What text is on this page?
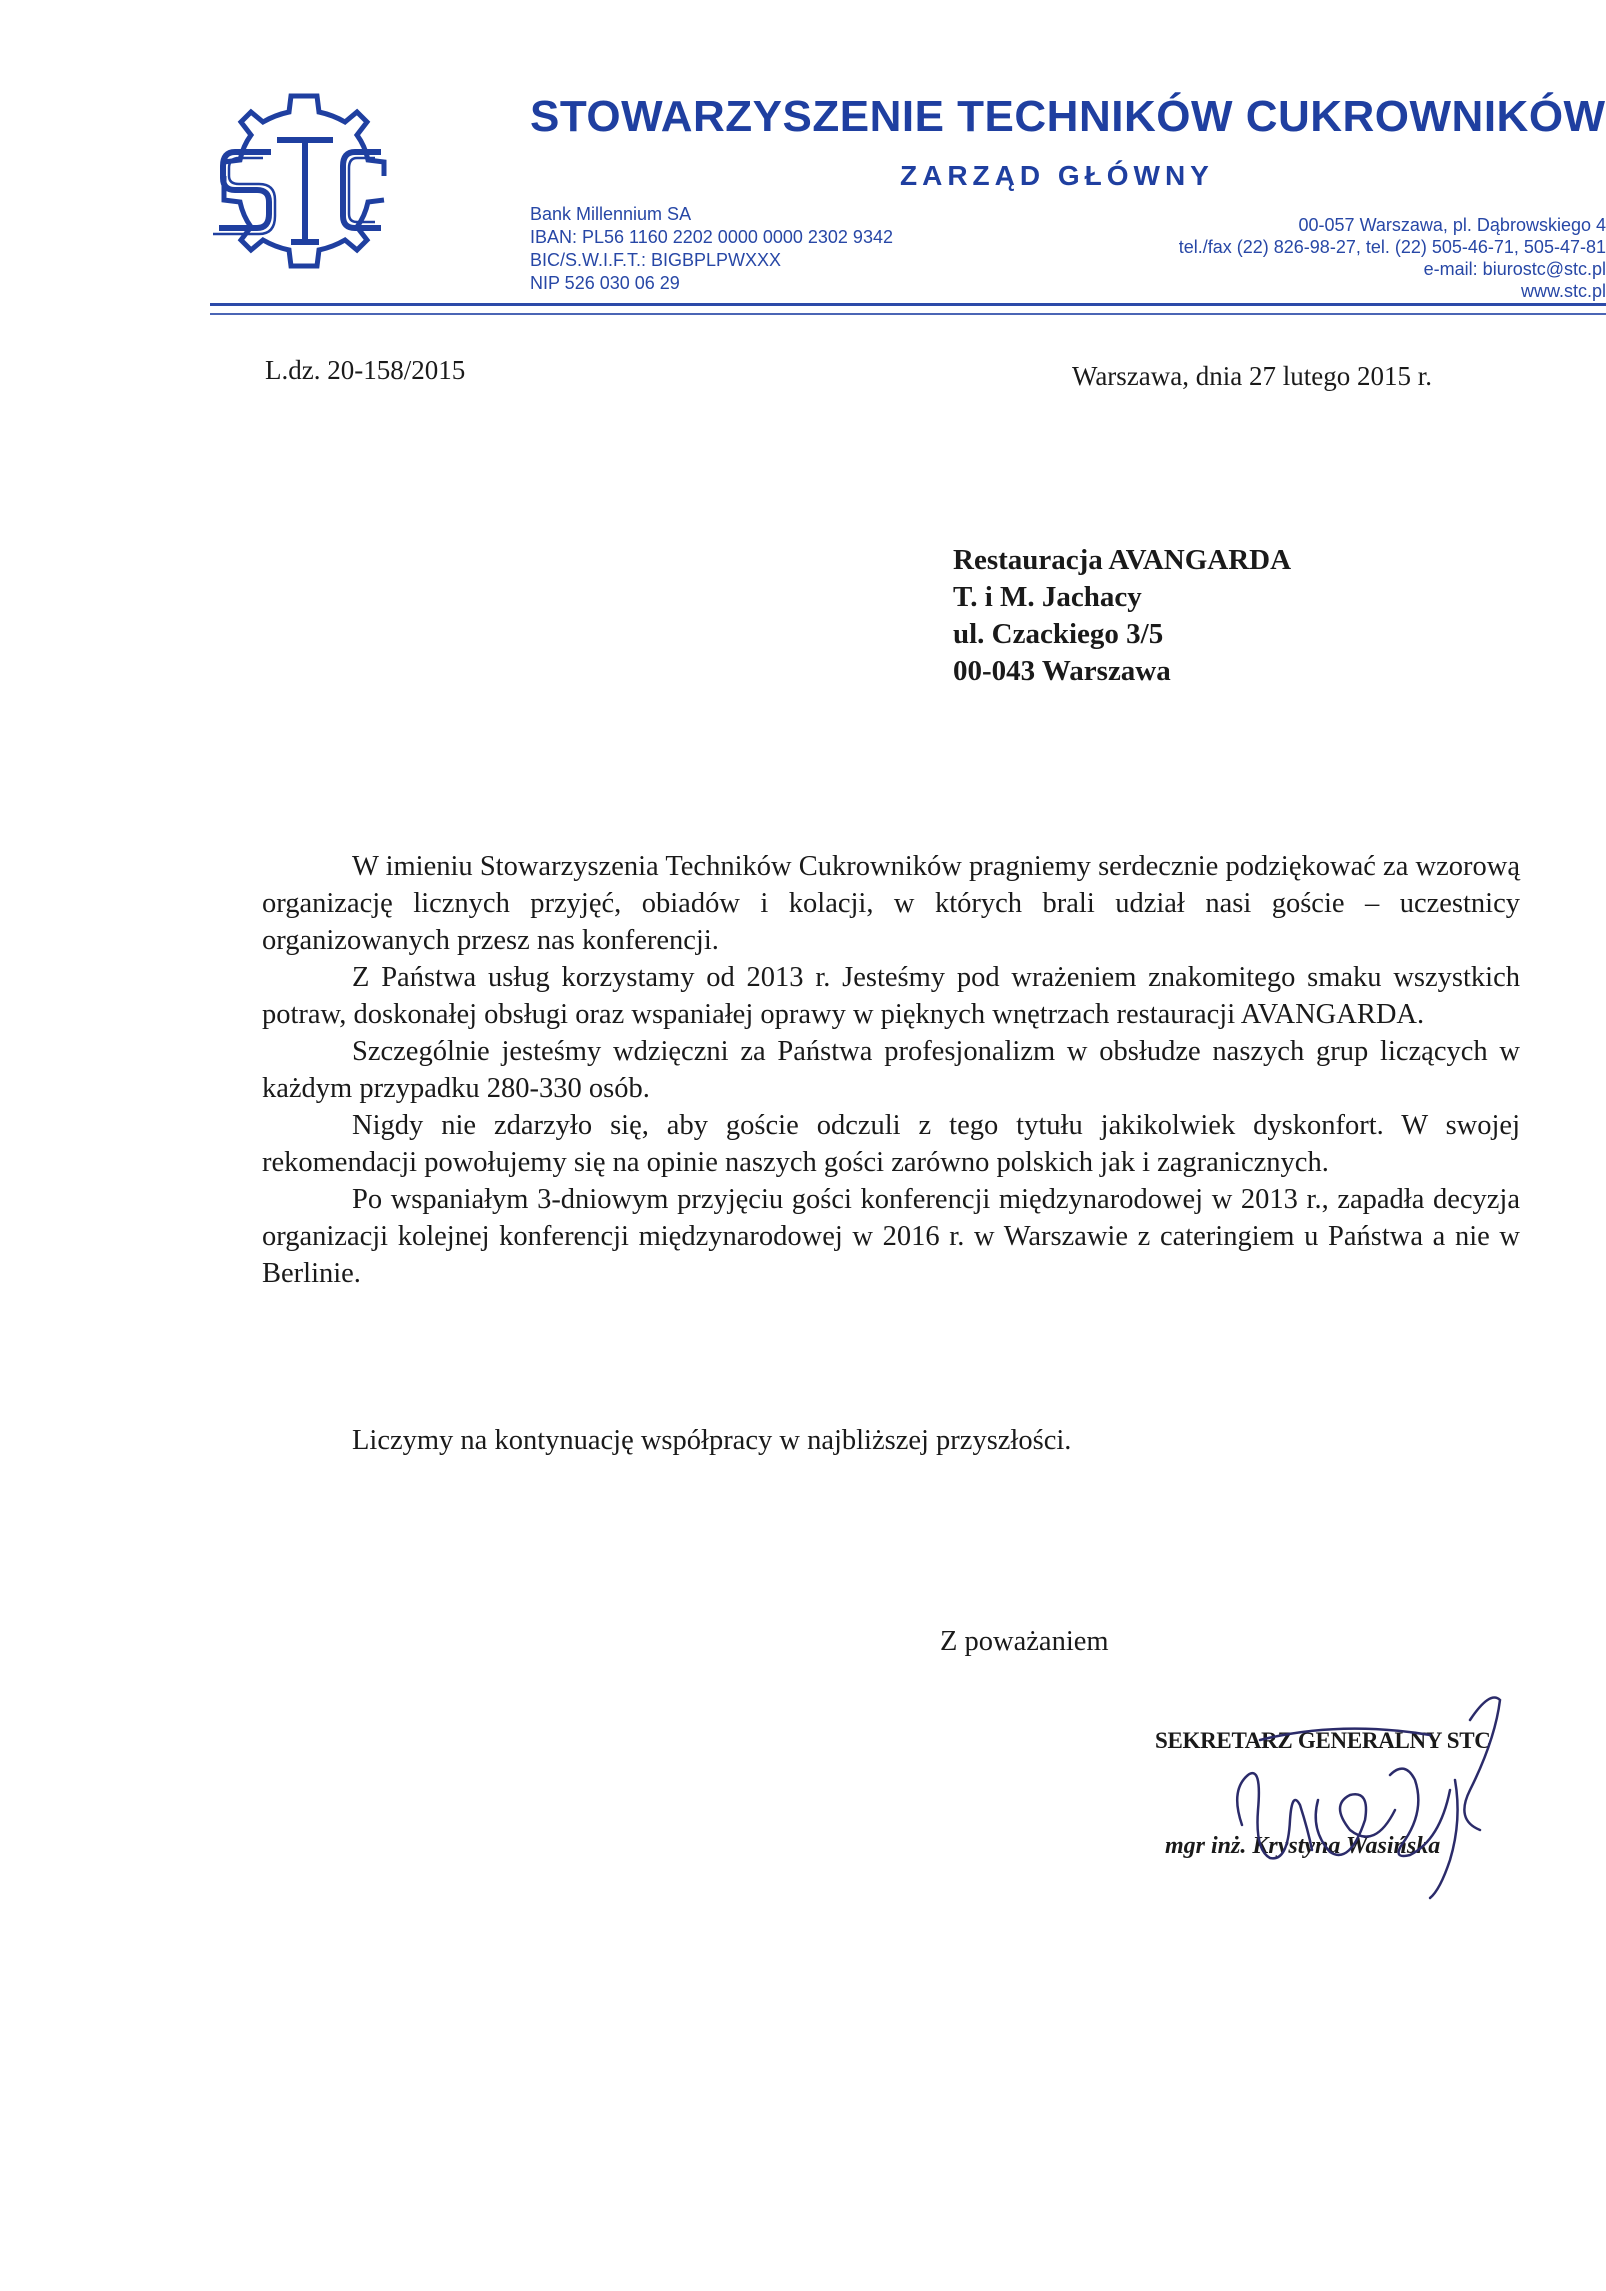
STOWARZYSZENIE TECHNIKÓW CUKROWNIKÓW
ZARZĄD GŁÓWNY
Bank Millennium SA
IBAN: PL56 1160 2202 0000 0000 2302 9342
BIC/S.W.I.F.T.: BIGBPLPWXXX
NIP 526 030 06 29
00-057 Warszawa, pl. Dąbrowskiego 4
tel./fax (22) 826-98-27, tel. (22) 505-46-71, 505-47-81
e-mail: biurostc@stc.pl
www.stc.pl
L.dz. 20-158/2015	Warszawa, dnia 27 lutego 2015 r.
Restauracja AVANGARDA
T. i M. Jachacy
ul. Czackiego 3/5
00-043 Warszawa

W imieniu Stowarzyszenia Techników Cukrowników pragniemy serdecznie podziękować za wzorową organizację licznych przyjęć, obiadów i kolacji, w których brali udział nasi goście – uczestnicy organizowanych przesz nas konferencji.

Z Państwa usług korzystamy od 2013 r. Jesteśmy pod wrażeniem znakomitego smaku wszystkich potraw, doskonałej obsługi oraz wspaniałej oprawy w pięknych wnętrzach restauracji AVANGARDA.

Szczególnie jesteśmy wdzięczni za Państwa profesjonalizm w obsłudze naszych grup liczących w każdym przypadku 280-330 osób.

Nigdy nie zdarzyło się, aby goście odczuli z tego tytułu jakikolwiek dyskonfort. W swojej rekomendacji powołujemy się na opinie naszych gości zarówno polskich jak i zagranicznych.

Po wspaniałym 3-dniowym przyjęciu gości konferencji międzynarodowej w 2013 r., zapadła decyzja organizacji kolejnej konferencji międzynarodowej w 2016 r. w Warszawie z cateringiem u Państwa a nie w Berlinie.

Liczymy na kontynuację współpracy w najbliższej przyszłości.
Z poważaniem
SEKRETARZ GENERALNY STC
mgr inż. Krystyna Wasińska
